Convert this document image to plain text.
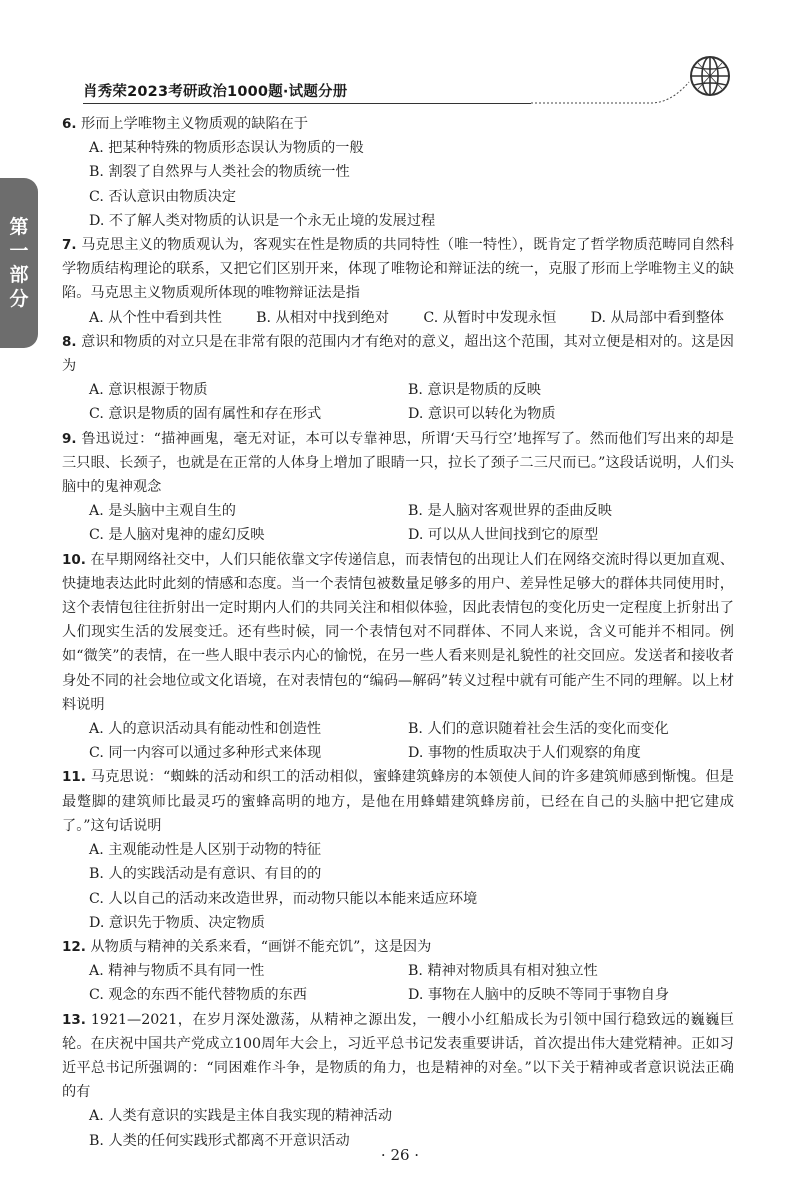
肖秀荣2023考研政治1000题·试题分册
第
一
部
分
6. 形而上学唯物主义物质观的缺陷在于
A. 把某种特殊的物质形态误认为物质的一般
B. 割裂了自然界与人类社会的物质统一性
C. 否认意识由物质决定
D. 不了解人类对物质的认识是一个永无止境的发展过程
7. 马克思主义的物质观认为，客观实在性是物质的共同特性（唯一特性），既肯定了哲学物质范畴同自然科学物质结构理论的联系，又把它们区别开来，体现了唯物论和辩证法的统一，克服了形而上学唯物主义的缺陷。马克思主义物质观所体现的唯物辩证法是指
A. 从个性中看到共性 B. 从相对中找到绝对 C. 从暂时中发现永恒 D. 从局部中看到整体
8. 意识和物质的对立只是在非常有限的范围内才有绝对的意义，超出这个范围，其对立便是相对的。这是因为
A. 意识根源于物质	B. 意识是物质的反映
C. 意识是物质的固有属性和存在形式	D. 意识可以转化为物质
9. 鲁迅说过：“描神画鬼，毫无对证，本可以专靠神思，所谓‘天马行空’地挥写了。然而他们写出来的却是三只眼、长颈子，也就是在正常的人体身上增加了眼睛一只，拉长了颈子二三尺而已。”这段话说明，人们头脑中的鬼神观念
A. 是头脑中主观自生的	B. 是人脑对客观世界的歪曲反映
C. 是人脑对鬼神的虚幻反映	D. 可以从人世间找到它的原型
10. 在早期网络社交中，人们只能依靠文字传递信息，而表情包的出现让人们在网络交流时得以更加直观、快捷地表达此时此刻的情感和态度。当一个表情包被数量足够多的用户、差异性足够大的群体共同使用时，这个表情包往往折射出一定时期内人们的共同关注和相似体验，因此表情包的变化历史一定程度上折射出了人们现实生活的发展变迁。还有些时候，同一个表情包对不同群体、不同人来说，含义可能并不相同。例如“微笑”的表情，在一些人眼中表示内心的愉悦，在另一些人看来则是礼貌性的社交回应。发送者和接收者身处不同的社会地位或文化语境，在对表情包的“编码—解码”转义过程中就有可能产生不同的理解。以上材料说明
A. 人的意识活动具有能动性和创造性	B. 人们的意识随着社会生活的变化而变化
C. 同一内容可以通过多种形式来体现	D. 事物的性质取决于人们观察的角度
11. 马克思说：“蜘蛛的活动和织工的活动相似，蜜蜂建筑蜂房的本领使人间的许多建筑师感到惭愧。但是最蹩脚的建筑师比最灵巧的蜜蜂高明的地方，是他在用蜂蜡建筑蜂房前，已经在自己的头脑中把它建成了。”这句话说明
A. 主观能动性是人区别于动物的特征
B. 人的实践活动是有意识、有目的的
C. 人以自己的活动来改造世界，而动物只能以本能来适应环境
D. 意识先于物质、决定物质
12. 从物质与精神的关系来看，“画饼不能充饥”，这是因为
A. 精神与物质不具有同一性	B. 精神对物质具有相对独立性
C. 观念的东西不能代替物质的东西	D. 事物在人脑中的反映不等同于事物自身
13. 1921—2021，在岁月深处激荡，从精神之源出发，一艘小小红船成长为引领中国行稳致远的巍巍巨轮。在庆祝中国共产党成立100周年大会上，习近平总书记发表重要讲话，首次提出伟大建党精神。正如习近平总书记所强调的：“同困难作斗争，是物质的角力，也是精神的对垒。”以下关于精神或者意识说法正确的有
A. 人类有意识的实践是主体自我实现的精神活动
B. 人类的任何实践形式都离不开意识活动
· 26 ·
